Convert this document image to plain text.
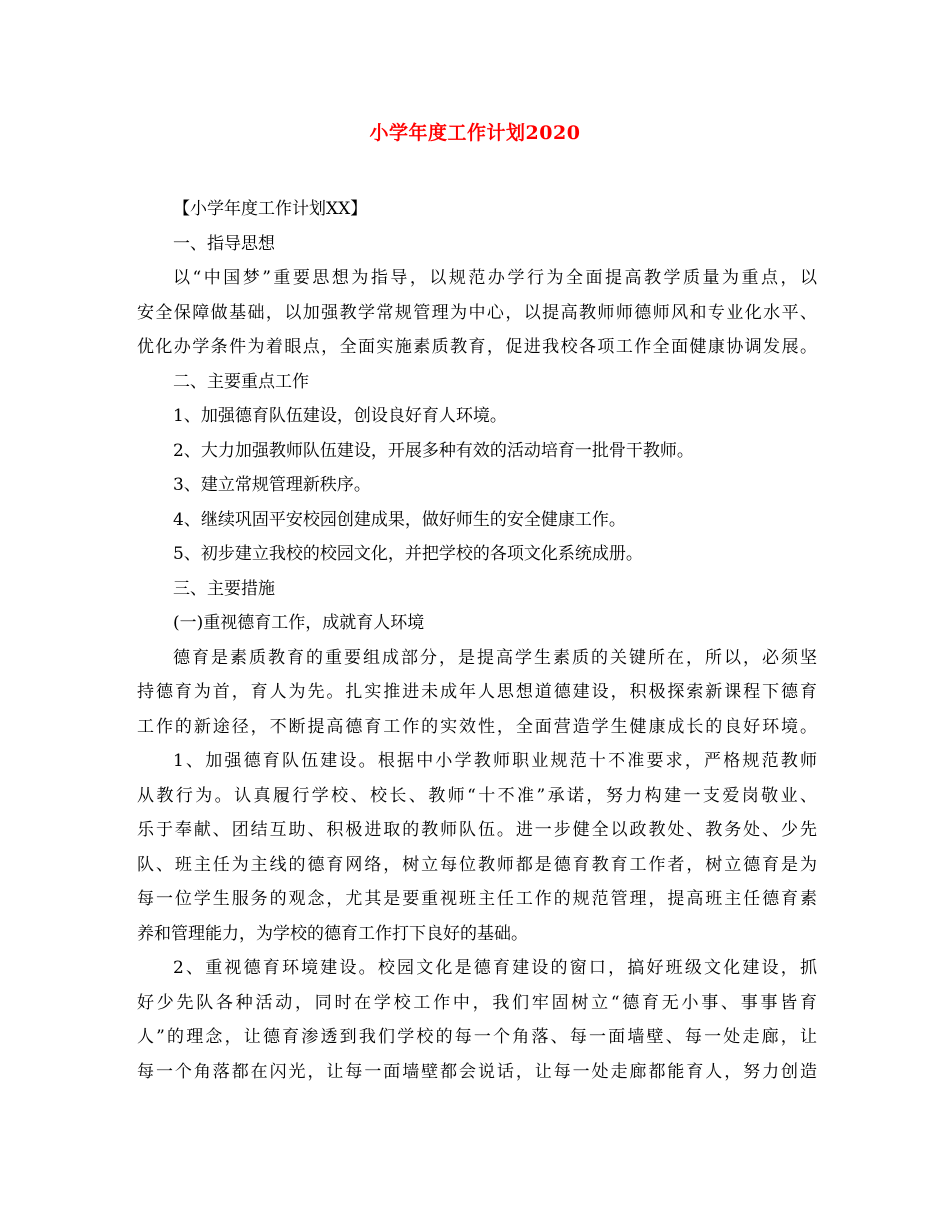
小学年度工作计划2020
【小学年度工作计划XX】
一、指导思想
以“中国梦”重要思想为指导，以规范办学行为全面提高教学质量为重点，以
安全保障做基础，以加强教学常规管理为中心，以提高教师师德师风和专业化水平、
优化办学条件为着眼点，全面实施素质教育，促进我校各项工作全面健康协调发展。
二、主要重点工作
1、加强德育队伍建设，创设良好育人环境。
2、大力加强教师队伍建设，开展多种有效的活动培育一批骨干教师。
3、建立常规管理新秩序。
4、继续巩固平安校园创建成果，做好师生的安全健康工作。
5、初步建立我校的校园文化，并把学校的各项文化系统成册。
三、主要措施
(一)重视德育工作，成就育人环境
德育是素质教育的重要组成部分，是提高学生素质的关键所在，所以，必须坚
持德育为首，育人为先。扎实推进未成年人思想道德建设，积极探索新课程下德育
工作的新途径，不断提高德育工作的实效性，全面营造学生健康成长的良好环境。
1、加强德育队伍建设。根据中小学教师职业规范十不准要求，严格规范教师
从教行为。认真履行学校、校长、教师“十不准”承诺，努力构建一支爱岗敬业、
乐于奉献、团结互助、积极进取的教师队伍。进一步健全以政教处、教务处、少先
队、班主任为主线的德育网络，树立每位教师都是德育教育工作者，树立德育是为
每一位学生服务的观念，尤其是要重视班主任工作的规范管理，提高班主任德育素
养和管理能力，为学校的德育工作打下良好的基础。
2、重视德育环境建设。校园文化是德育建设的窗口，搞好班级文化建设，抓
好少先队各种活动，同时在学校工作中，我们牢固树立“德育无小事、事事皆育
人”的理念，让德育渗透到我们学校的每一个角落、每一面墙壁、每一处走廊，让
每一个角落都在闪光，让每一面墙壁都会说话，让每一处走廊都能育人，努力创造
